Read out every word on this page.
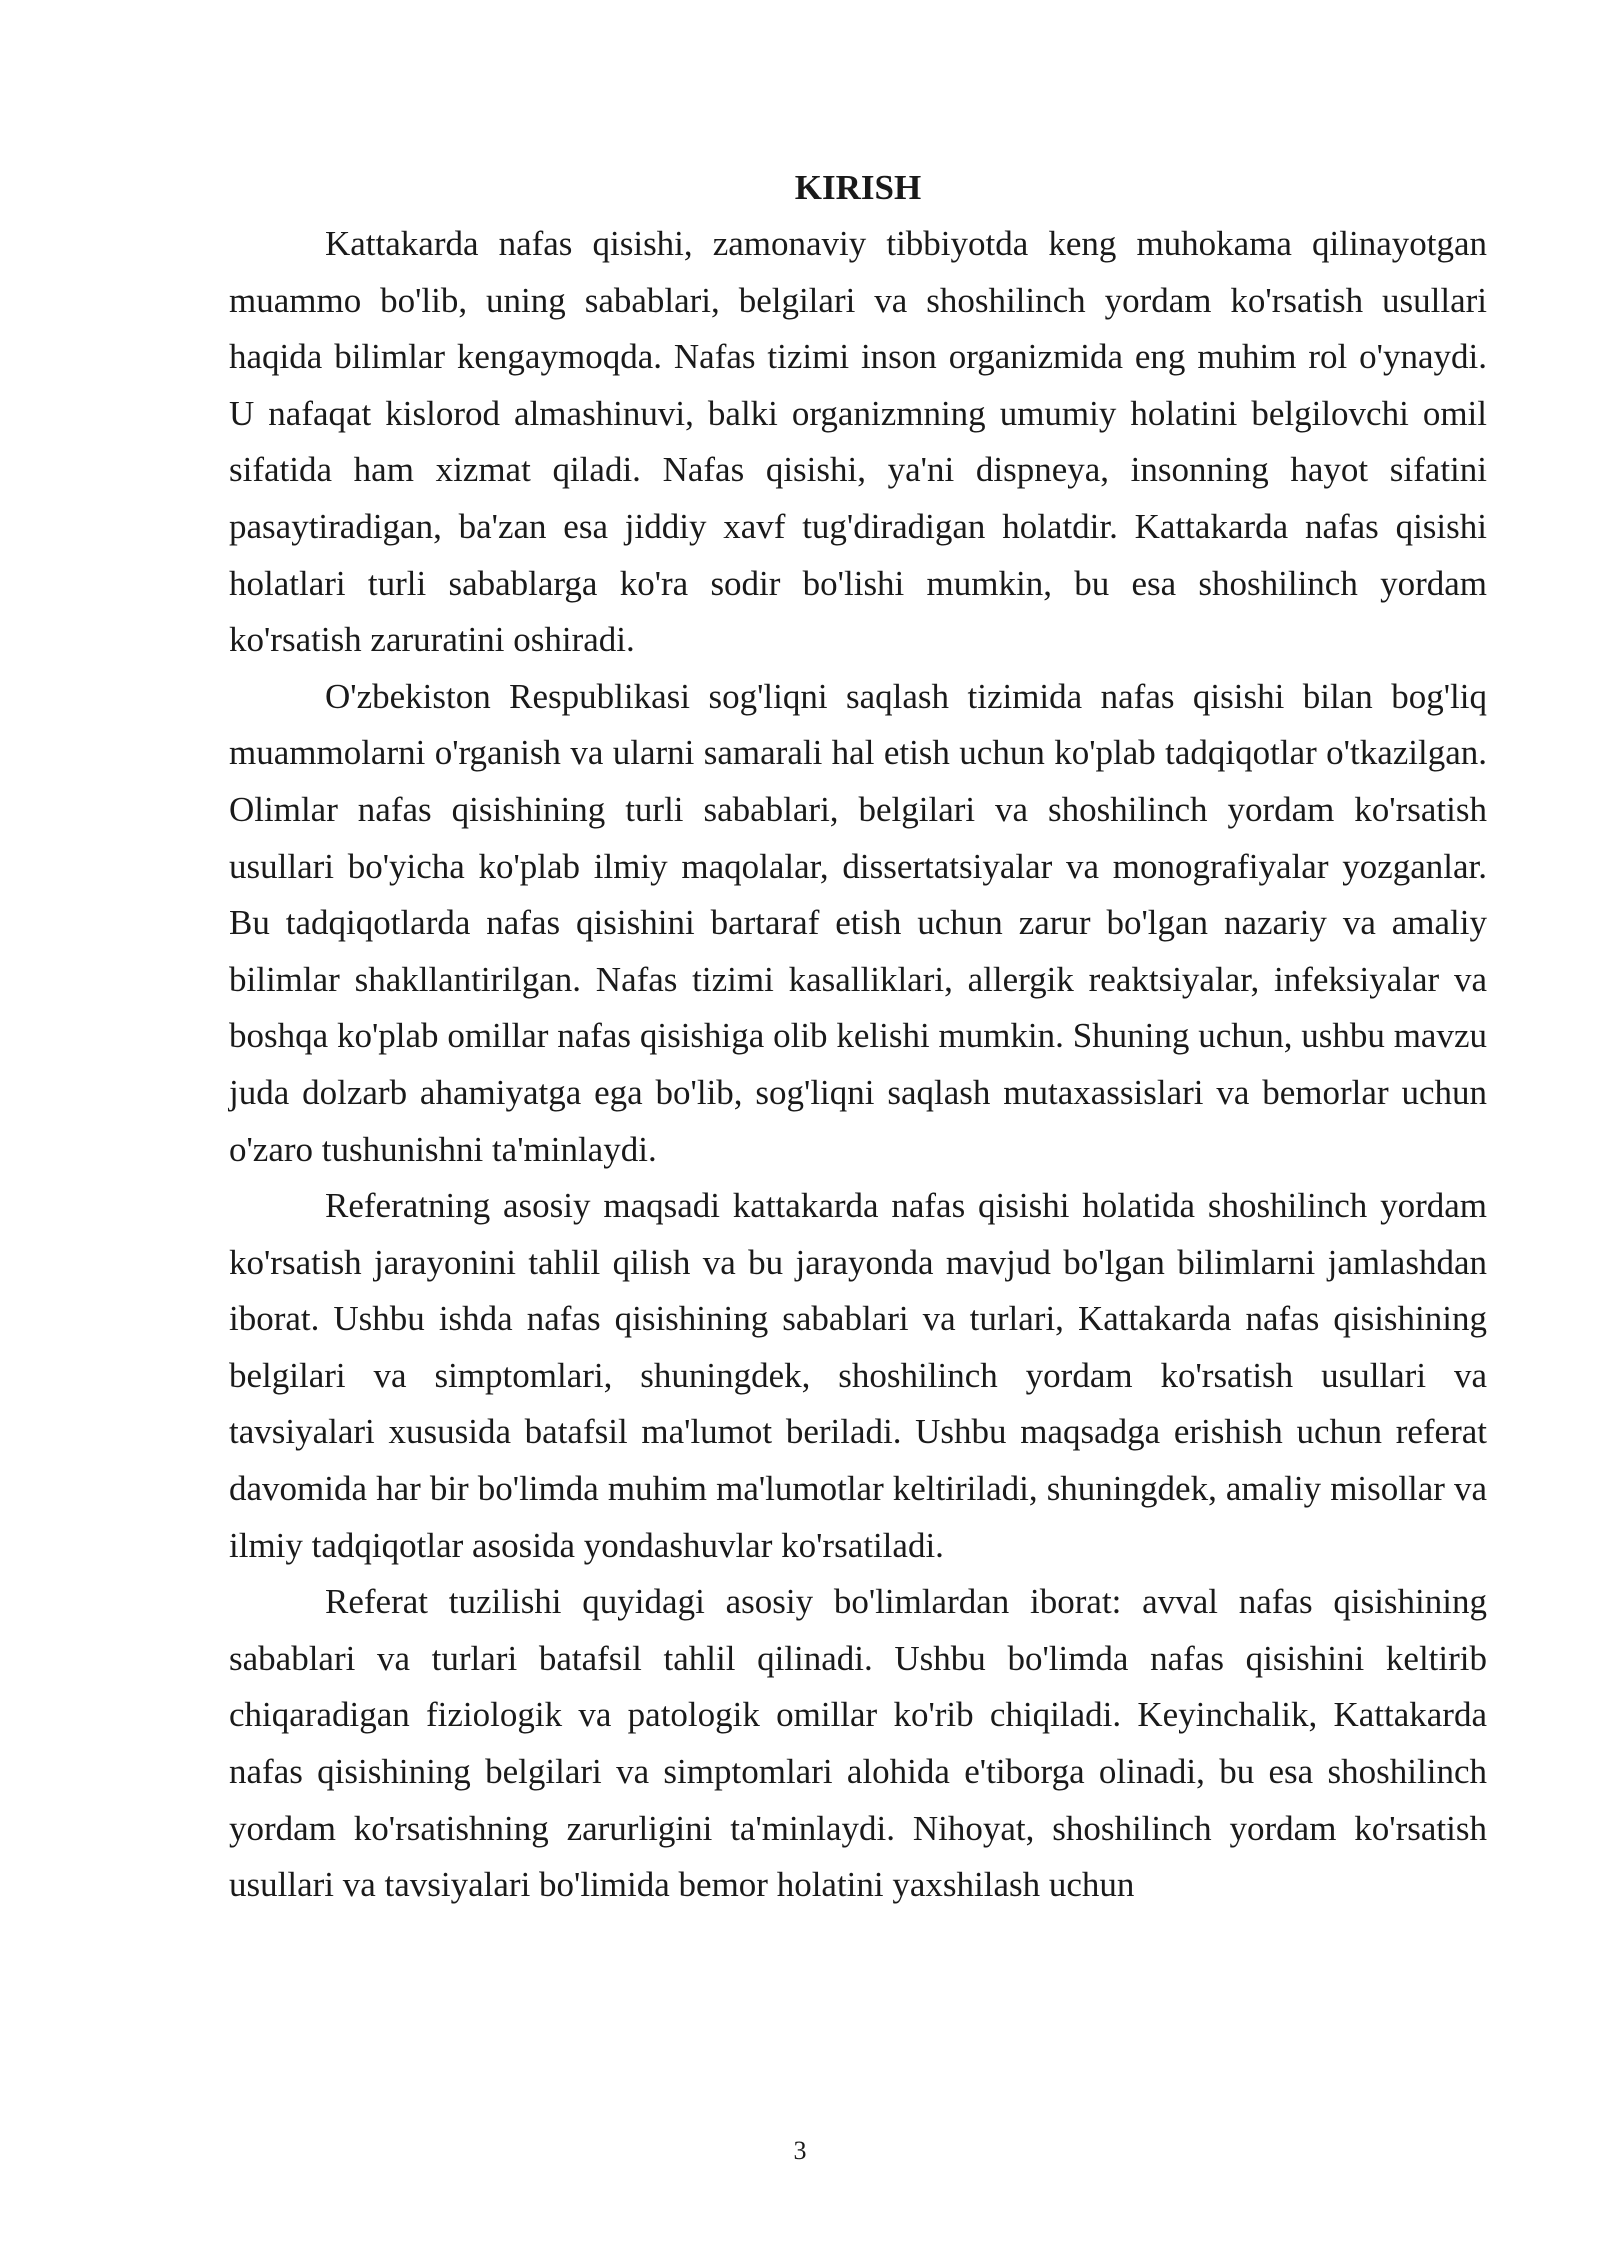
KIRISH

Kattakarda nafas qisishi, zamonaviy tibbiyotda keng muhokama qilinayotgan muammo bo'lib, uning sabablari, belgilari va shoshilinch yordam ko'rsatish usullari haqida bilimlar kengaymoqda. Nafas tizimi inson organizmida eng muhim rol o'ynaydi. U nafaqat kislorod almashinuvi, balki organizmning umumiy holatini belgilovchi omil sifatida ham xizmat qiladi. Nafas qisishi, ya'ni dispneya, insonning hayot sifatini pasaytiradigan, ba'zan esa jiddiy xavf tug'diradigan holatdir. Kattakarda nafas qisishi holatlari turli sabablarga ko'ra sodir bo'lishi mumkin, bu esa shoshilinch yordam ko'rsatish zaruratini oshiradi.

O'zbekiston Respublikasi sog'liqni saqlash tizimida nafas qisishi bilan bog'liq muammolarni o'rganish va ularni samarali hal etish uchun ko'plab tadqiqotlar o'tkazilgan. Olimlar nafas qisishining turli sabablari, belgilari va shoshilinch yordam ko'rsatish usullari bo'yicha ko'plab ilmiy maqolalar, dissertatsiyalar va monografiyalar yozganlar. Bu tadqiqotlarda nafas qisishini bartaraf etish uchun zarur bo'lgan nazariy va amaliy bilimlar shakllantirilgan. Nafas tizimi kasalliklari, allergik reaktsiyalar, infeksiyalar va boshqa ko'plab omillar nafas qisishiga olib kelishi mumkin. Shuning uchun, ushbu mavzu juda dolzarb ahamiyatga ega bo'lib, sog'liqni saqlash mutaxassislari va bemorlar uchun o'zaro tushunishni ta'minlaydi.

Referatning asosiy maqsadi kattakarda nafas qisishi holatida shoshilinch yordam ko'rsatish jarayonini tahlil qilish va bu jarayonda mavjud bo'lgan bilimlarni jamlashdan iborat. Ushbu ishda nafas qisishining sabablari va turlari, Kattakarda nafas qisishining belgilari va simptomlari, shuningdek, shoshilinch yordam ko'rsatish usullari va tavsiyalari xususida batafsil ma'lumot beriladi. Ushbu maqsadga erishish uchun referat davomida har bir bo'limda muhim ma'lumotlar keltiriladi, shuningdek, amaliy misollar va ilmiy tadqiqotlar asosida yondashuvlar ko'rsatiladi.

Referat tuzilishi quyidagi asosiy bo'limlardan iborat: avval nafas qisishining sabablari va turlari batafsil tahlil qilinadi. Ushbu bo'limda nafas qisishini keltirib chiqaradigan fiziologik va patologik omillar ko'rib chiqiladi. Keyinchalik, Kattakarda nafas qisishining belgilari va simptomlari alohida e'tiborga olinadi, bu esa shoshilinch yordam ko'rsatishning zarurligini ta'minlaydi. Nihoyat, shoshilinch yordam ko'rsatish usullari va tavsiyalari bo'limida bemor holatini yaxshilash uchun

3
